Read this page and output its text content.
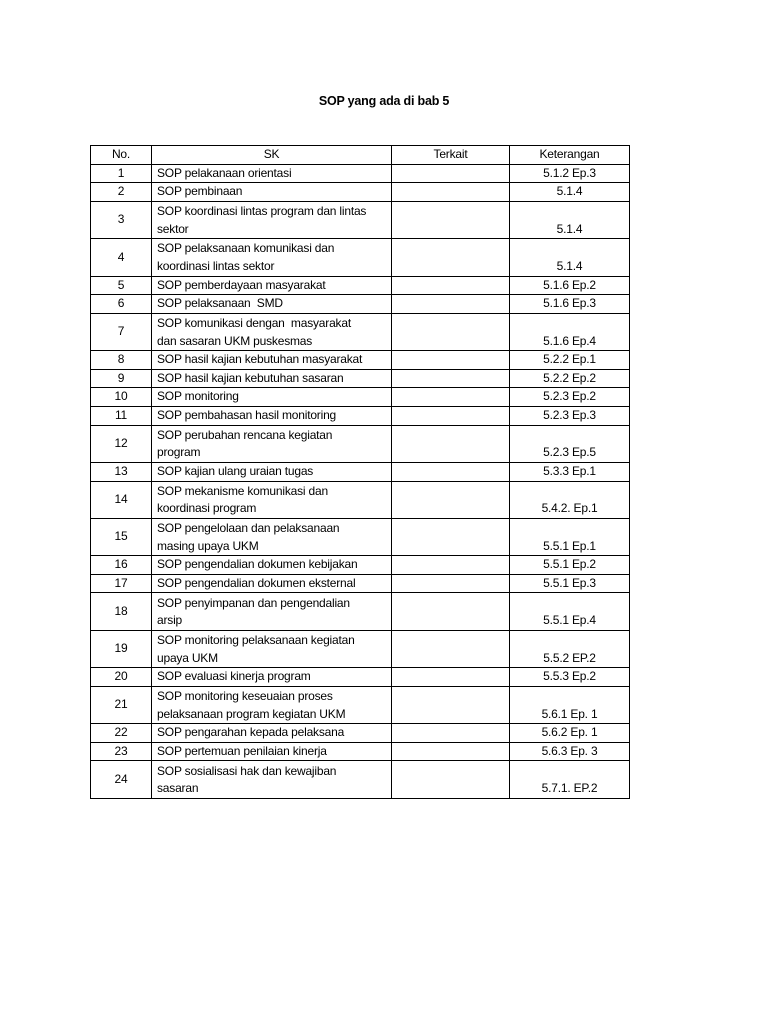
SOP yang ada di bab 5
No.	SK	Terkait	Keterangan
1	SOP pelakanaan orientasi		5.1.2 Ep.3
2	SOP pembinaan		5.1.4
3	SOP koordinasi lintas program dan lintas
sektor		5.1.4
4	SOP pelaksanaan komunikasi dan
koordinasi lintas sektor		5.1.4
5	SOP pemberdayaan masyarakat		5.1.6 Ep.2
6	SOP pelaksanaan  SMD		5.1.6 Ep.3
7	SOP komunikasi dengan  masyarakat
dan sasaran UKM puskesmas		5.1.6 Ep.4
8	SOP hasil kajian kebutuhan masyarakat		5.2.2 Ep.1
9	SOP hasil kajian kebutuhan sasaran		5.2.2 Ep.2
10	SOP monitoring		5.2.3 Ep.2
11	SOP pembahasan hasil monitoring		5.2.3 Ep.3
12	SOP perubahan rencana kegiatan
program		5.2.3 Ep.5
13	SOP kajian ulang uraian tugas		5.3.3 Ep.1
14	SOP mekanisme komunikasi dan
koordinasi program		5.4.2. Ep.1
15	SOP pengelolaan dan pelaksanaan
masing upaya UKM		5.5.1 Ep.1
16	SOP pengendalian dokumen kebijakan		5.5.1 Ep.2
17	SOP pengendalian dokumen eksternal		5.5.1 Ep.3
18	SOP penyimpanan dan pengendalian
arsip		5.5.1 Ep.4
19	SOP monitoring pelaksanaan kegiatan
upaya UKM		5.5.2 EP.2
20	SOP evaluasi kinerja program		5.5.3 Ep.2
21	SOP monitoring keseuaian proses
pelaksanaan program kegiatan UKM		5.6.1 Ep. 1
22	SOP pengarahan kepada pelaksana		5.6.2 Ep. 1
23	SOP pertemuan penilaian kinerja		5.6.3 Ep. 3
24	SOP sosialisasi hak dan kewajiban
sasaran		5.7.1. EP.2
